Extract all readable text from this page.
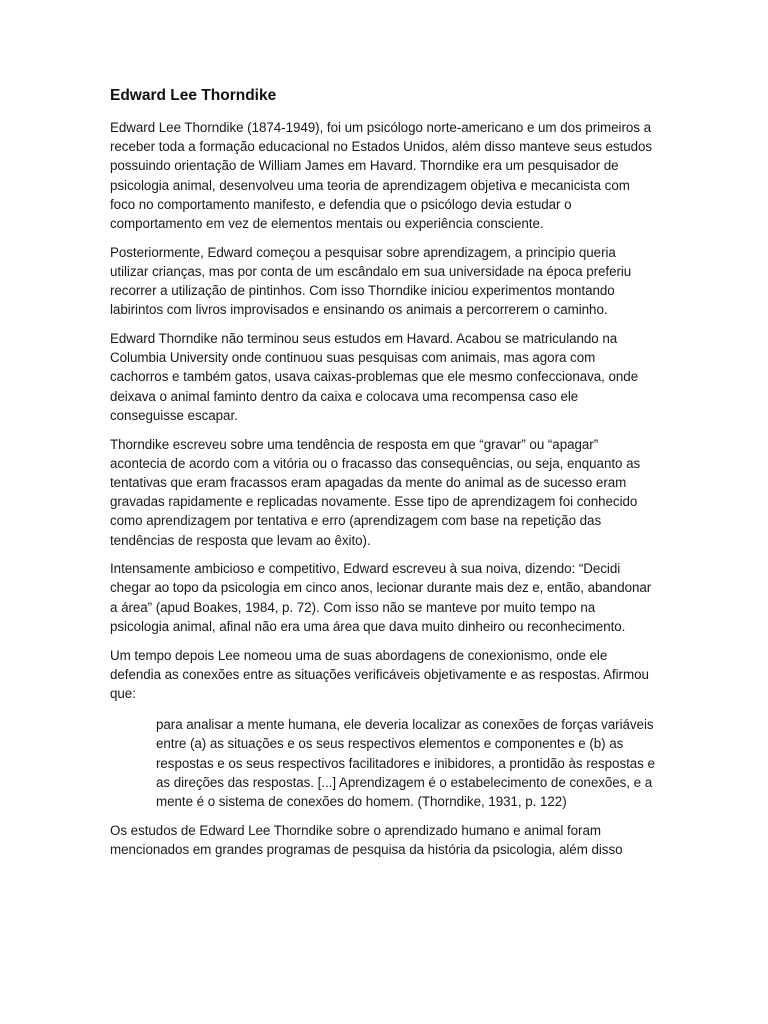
Edward Lee Thorndike

Edward Lee Thorndike (1874-1949), foi um psicólogo norte-americano e um dos primeiros a receber toda a formação educacional no Estados Unidos, além disso manteve seus estudos possuindo orientação de William James em Havard. Thorndike era um pesquisador de psicologia animal, desenvolveu uma teoria de aprendizagem objetiva e mecanicista com foco no comportamento manifesto, e defendia que o psicólogo devia estudar o comportamento em vez de elementos mentais ou experiência consciente.

Posteriormente, Edward começou a pesquisar sobre aprendizagem, a principio queria utilizar crianças, mas por conta de um escândalo em sua universidade na época preferiu recorrer a utilização de pintinhos. Com isso Thorndike iniciou experimentos montando labirintos com livros improvisados e ensinando os animais a percorrerem o caminho.

Edward Thorndike não terminou seus estudos em Havard. Acabou se matriculando na Columbia University onde continuou suas pesquisas com animais, mas agora com cachorros e também gatos, usava caixas-problemas que ele mesmo confeccionava, onde deixava o animal faminto dentro da caixa e colocava uma recompensa caso ele conseguisse escapar.

Thorndike escreveu sobre uma tendência de resposta em que “gravar” ou “apagar” acontecia de acordo com a vitória ou o fracasso das consequências, ou seja, enquanto as tentativas que eram fracassos eram apagadas da mente do animal as de sucesso eram gravadas rapidamente e replicadas novamente. Esse tipo de aprendizagem foi conhecido como aprendizagem por tentativa e erro (aprendizagem com base na repetição das tendências de resposta que levam ao êxito).

Intensamente ambicioso e competitivo, Edward escreveu à sua noiva, dizendo: “Decidi chegar ao topo da psicologia em cinco anos, lecionar durante mais dez e, então, abandonar a área” (apud Boakes, 1984, p. 72). Com isso não se manteve por muito tempo na psicologia animal, afinal não era uma área que dava muito dinheiro ou reconhecimento.

Um tempo depois Lee nomeou uma de suas abordagens de conexionismo, onde ele defendia as conexões entre as situações verificáveis objetivamente e as respostas. Afirmou que:

para analisar a mente humana, ele deveria localizar as conexões de forças variáveis entre (a) as situações e os seus respectivos elementos e componentes e (b) as respostas e os seus respectivos facilitadores e inibidores, a prontidão às respostas e as direções das respostas. [...] Aprendizagem é o estabelecimento de conexões, e a mente é o sistema de conexões do homem. (Thorndike, 1931, p. 122)

Os estudos de Edward Lee Thorndike sobre o aprendizado humano e animal foram mencionados em grandes programas de pesquisa da história da psicologia, além disso
